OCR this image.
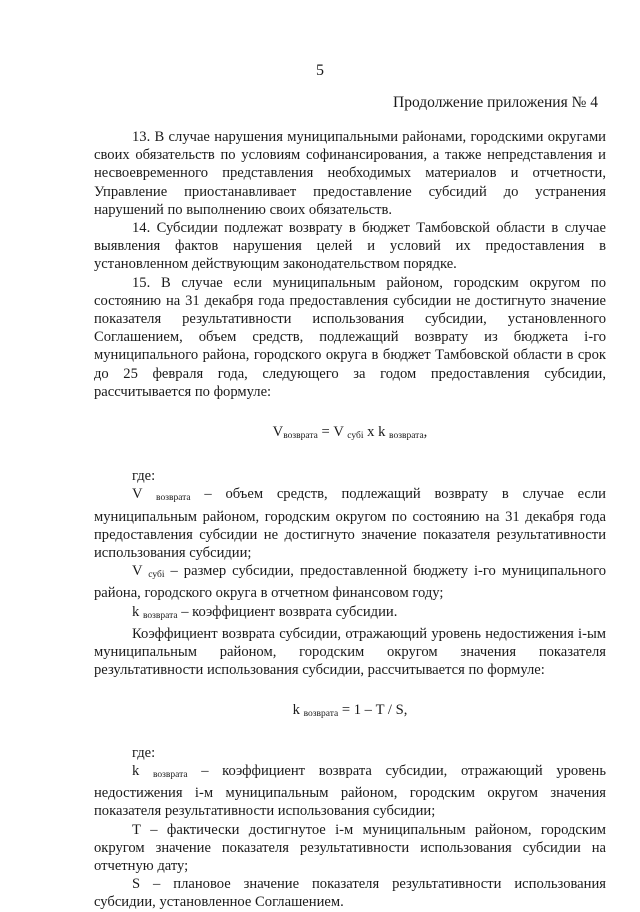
5
Продолжение приложения № 4

13. В случае нарушения муниципальными районами, городскими округами своих обязательств по условиям софинансирования, а также непредставления и несвоевременного представления необходимых материалов и отчетности, Управление приостанавливает предоставление субсидий до устранения нарушений по выполнению своих обязательств.

14. Субсидии подлежат возврату в бюджет Тамбовской области в случае выявления фактов нарушения целей и условий их предоставления в установленном действующим законодательством порядке.

15. В случае если муниципальным районом, городским округом по состоянию на 31 декабря года предоставления субсидии не достигнуто значение показателя результативности использования субсидии, установленного Соглашением, объем средств, подлежащий возврату из бюджета i-го муниципального района, городского округа в бюджет Тамбовской области в срок до 25 февраля года, следующего за годом предоставления субсидии, рассчитывается по формуле:

$V_{возврата} = V$ $_{субі}$ x k $_{возврата}$,

где:

V $_{возврата}$ – объем средств, подлежащий возврату в случае если муниципальным районом, городским округом по состоянию на 31 декабря года предоставления субсидии не достигнуто значение показателя результативности использования субсидии;

V $_{субі}$ – размер субсидии, предоставленной бюджету i-го муниципального района, городского округа в отчетном финансовом году;

k $_{возврата}$ – коэффициент возврата субсидии.

Коэффициент возврата субсидии, отражающий уровень недостижения i-ым муниципальным районом, городским округом значения показателя результативности использования субсидии, рассчитывается по формуле:

k $_{возврата}$ = 1 – T / S,

где:

k $_{возврата}$ – коэффициент возврата субсидии, отражающий уровень недостижения i-м муниципальным районом, городским округом значения показателя результативности использования субсидии;

Т – фактически достигнутое i-м муниципальным районом, городским округом значение показателя результативности использования субсидии на отчетную дату;

S – плановое значение показателя результативности использования субсидии, установленное Соглашением.
